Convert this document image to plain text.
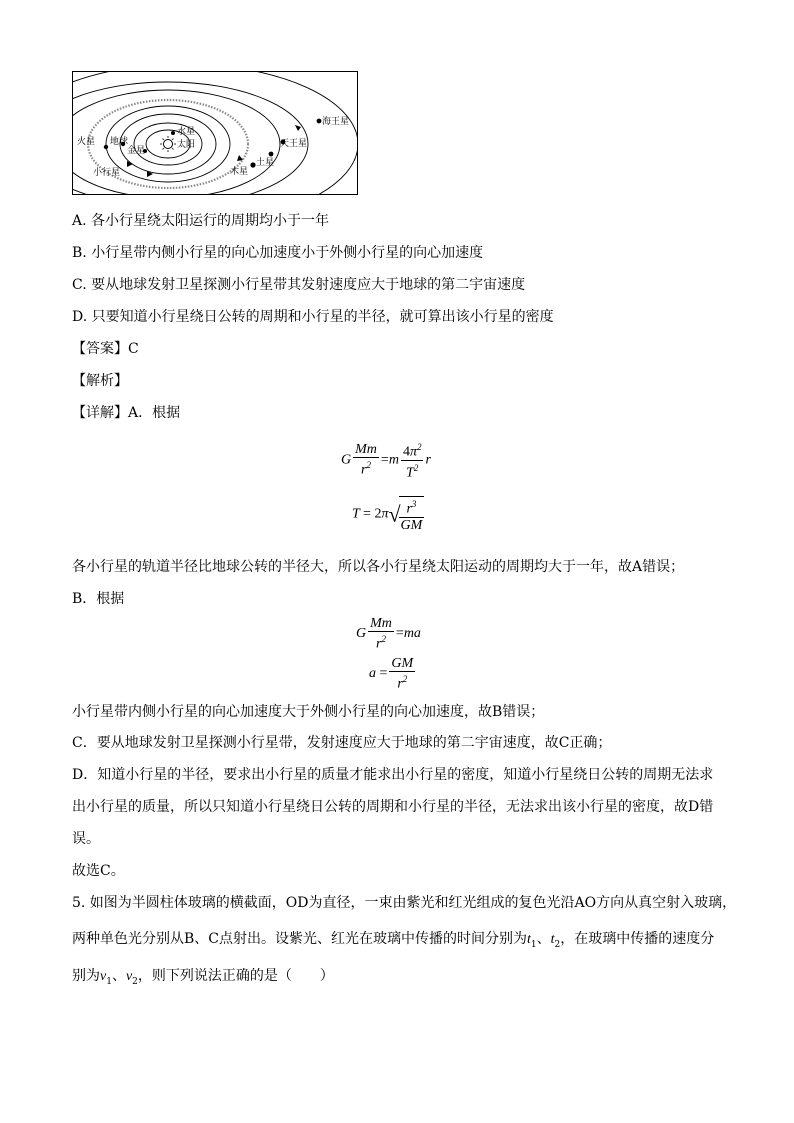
海王星
天王星
土星
木星
火星 地球
金星
水星
太阳
小行星
A. 各小行星绕太阳运行的周期均小于一年
B. 小行星带内侧小行星的向心加速度小于外侧小行星的向心加速度
C. 要从地球发射卫星探测小行星带其发射速度应大于地球的第二宇宙速度
D. 只要知道小行星绕日公转的周期和小行星的半径，就可算出该小行星的密度
【答案】C
【解析】
【详解】A．根据
G $\frac{Mm}{r^2} =m \frac{4\pi^2}{T^2}$ r
T = 2π√
$\frac{r^3}{GM}$
各小行星的轨道半径比地球公转的半径大，所以各小行星绕太阳运动的周期均大于一年，故A错误；
B．根据
G $\frac{Mm}{r^2} =ma$
$a = \frac{GM}{r^2}$
小行星带内侧小行星的向心加速度大于外侧小行星的向心加速度，故B错误；
C．要从地球发射卫星探测小行星带，发射速度应大于地球的第二宇宙速度，故C正确；
D．知道小行星的半径，要求出小行星的质量才能求出小行星的密度，知道小行星绕日公转的周期无法求
出小行星的质量，所以只知道小行星绕日公转的周期和小行星的半径，无法求出该小行星的密度，故D错
误。
故选C。
5. 如图为半圆柱体玻璃的横截面，OD为直径，一束由紫光和红光组成的复色光沿AO方向从真空射入玻璃，
两种单色光分别从B、C点射出。设紫光、红光在玻璃中传播的时间分别为$t_1$、$t_2$，在玻璃中传播的速度分
别为$v_1$、$v_2$，则下列说法正确的是（　　）
